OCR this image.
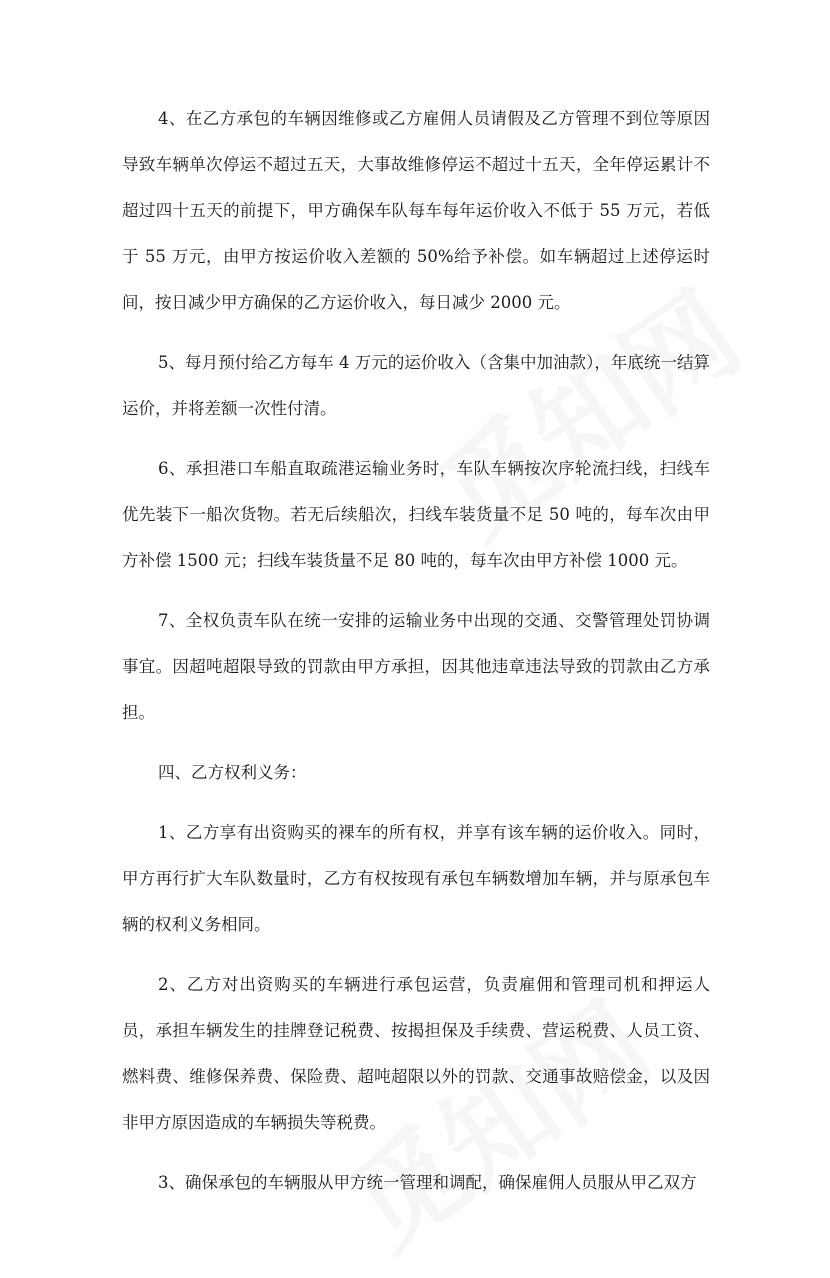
4、在乙方承包的车辆因维修或乙方雇佣人员请假及乙方管理不到位等原因导致车辆单次停运不超过五天，大事故维修停运不超过十五天，全年停运累计不超过四十五天的前提下，甲方确保车队每车每年运价收入不低于 55 万元，若低于 55 万元，由甲方按运价收入差额的 50%给予补偿。如车辆超过上述停运时间，按日减少甲方确保的乙方运价收入，每日减少 2000 元。

5、每月预付给乙方每车 4 万元的运价收入（含集中加油款），年底统一结算运价，并将差额一次性付清。

6、承担港口车船直取疏港运输业务时，车队车辆按次序轮流扫线，扫线车优先装下一船次货物。若无后续船次，扫线车装货量不足 50 吨的，每车次由甲方补偿 1500 元；扫线车装货量不足 80 吨的，每车次由甲方补偿 1000 元。

7、全权负责车队在统一安排的运输业务中出现的交通、交警管理处罚协调事宜。因超吨超限导致的罚款由甲方承担，因其他违章违法导致的罚款由乙方承担。

四、乙方权利义务：

1、乙方享有出资购买的裸车的所有权，并享有该车辆的运价收入。同时，甲方再行扩大车队数量时，乙方有权按现有承包车辆数增加车辆，并与原承包车辆的权利义务相同。

2、乙方对出资购买的车辆进行承包运营，负责雇佣和管理司机和押运人员，承担车辆发生的挂牌登记税费、按揭担保及手续费、营运税费、人员工资、燃料费、维修保养费、保险费、超吨超限以外的罚款、交通事故赔偿金，以及因非甲方原因造成的车辆损失等税费。

3、确保承包的车辆服从甲方统一管理和调配，确保雇佣人员服从甲乙双方
